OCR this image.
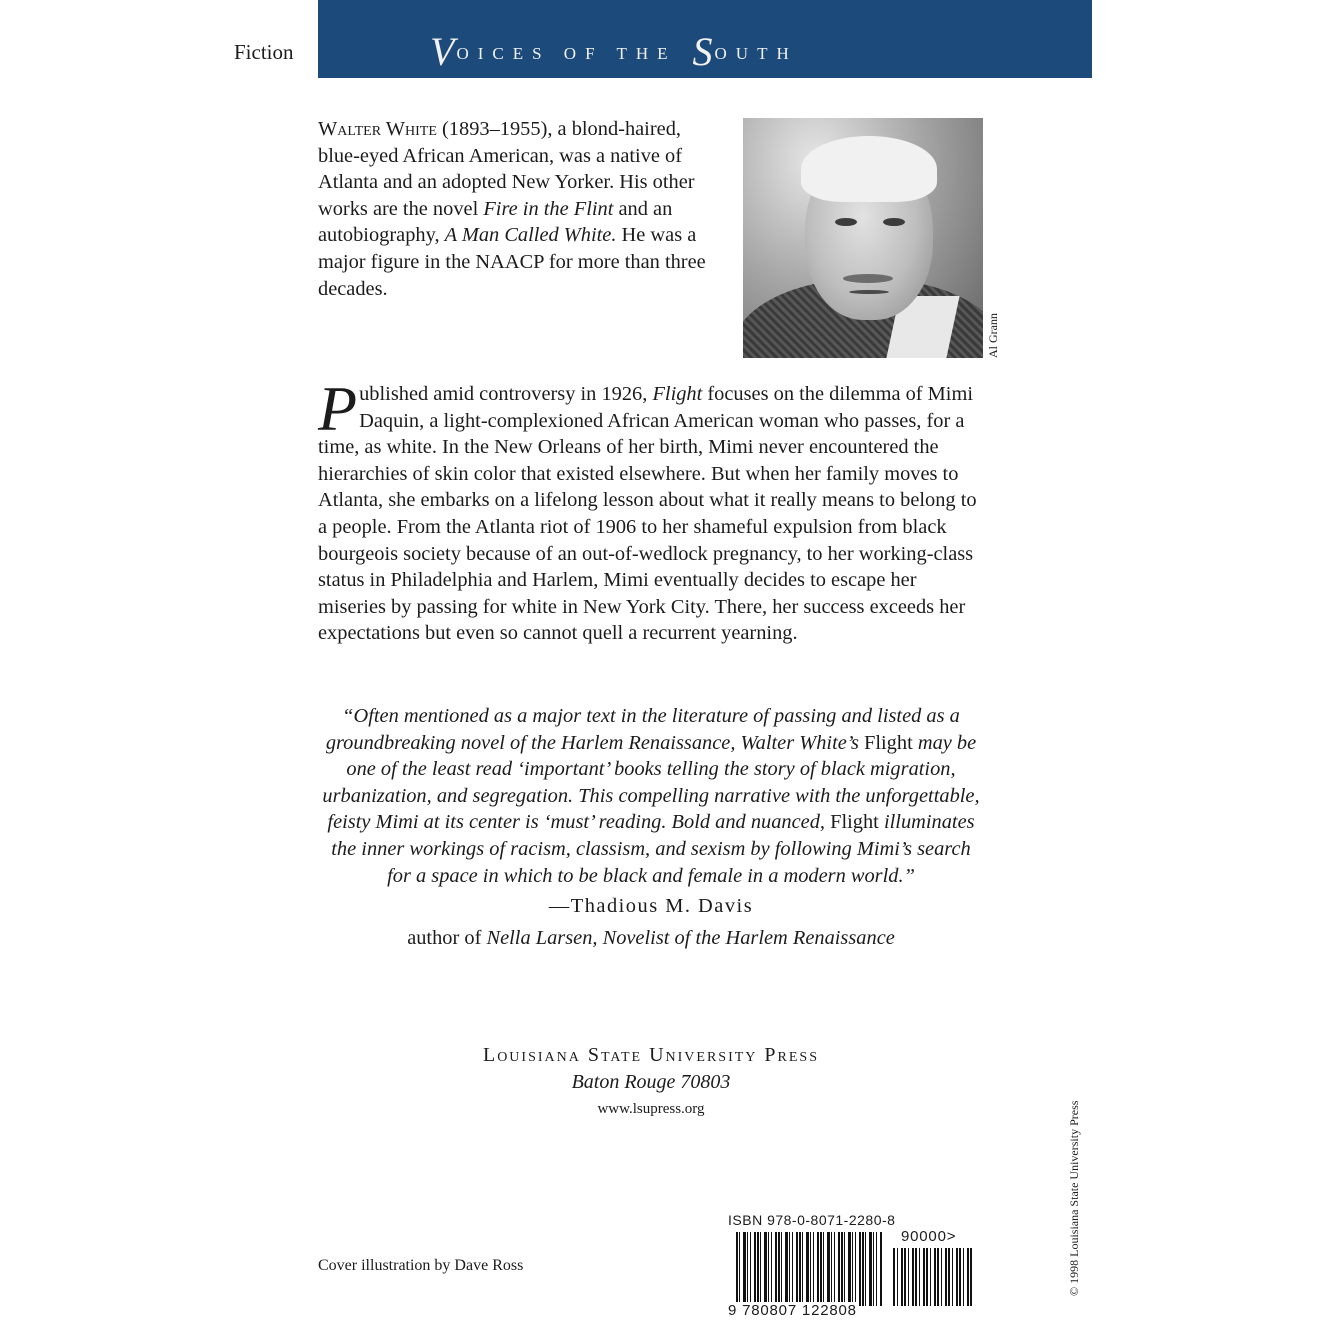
Fiction	VOICES OF THE SOUTH
Walter White (1893–1955), a blond-haired, blue-eyed African American, was a native of Atlanta and an adopted New Yorker. His other works are the novel Fire in the Flint and an autobiography, A Man Called White. He was a major figure in the NAACP for more than three decades.
Al Grann
Published amid controversy in 1926, Flight focuses on the dilemma of Mimi Daquin, a light-complexioned African American woman who passes, for a time, as white. In the New Orleans of her birth, Mimi never encountered the hierarchies of skin color that existed elsewhere. But when her family moves to Atlanta, she embarks on a lifelong lesson about what it really means to belong to a people. From the Atlanta riot of 1906 to her shameful expulsion from black bourgeois society because of an out-of-wedlock pregnancy, to her working-class status in Philadelphia and Harlem, Mimi eventually decides to escape her miseries by passing for white in New York City. There, her success exceeds her expectations but even so cannot quell a recurrent yearning.
“Often mentioned as a major text in the literature of passing and listed as a groundbreaking novel of the Harlem Renaissance, Walter White’s Flight may be one of the least read ‘important’ books telling the story of black migration, urbanization, and segregation. This compelling narrative with the unforgettable, feisty Mimi at its center is ‘must’ reading. Bold and nuanced, Flight illuminates the inner workings of racism, classism, and sexism by following Mimi’s search for a space in which to be black and female in a modern world.”
—Thadious M. Davis
author of Nella Larsen, Novelist of the Harlem Renaissance
Louisiana State University Press
Baton Rouge 70803
www.lsupress.org	© 1998 Louisiana State University Press
ISBN 978-0-8071-2280-8
9 780807 122808
90000>
Cover illustration by Dave Ross
